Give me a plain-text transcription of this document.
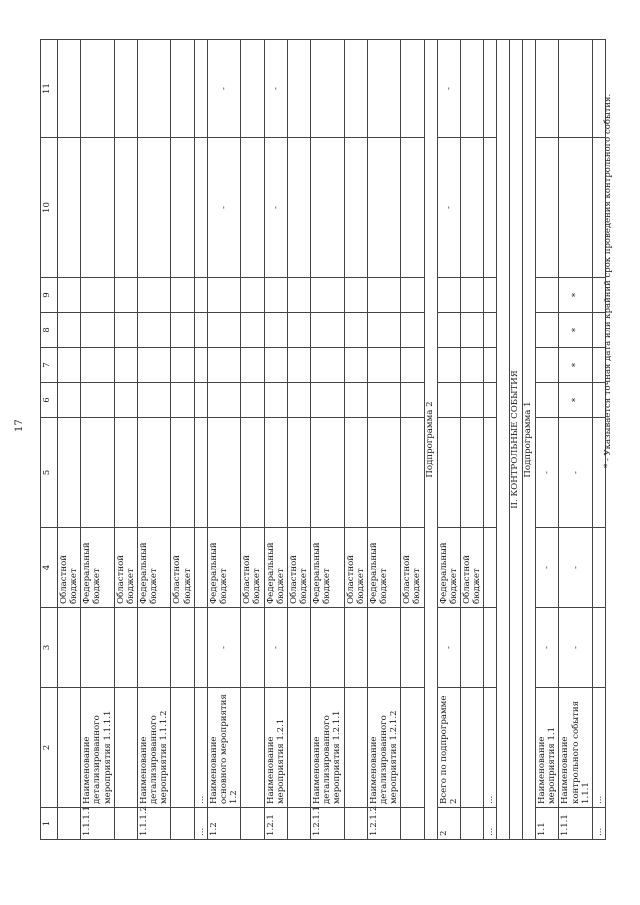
17
1	2	3	4	5	6	7	8	9	10	11
			Областной бюджет							
1.1.1.1	Наименование детализированного мероприятия 1.1.1.1		Федеральный бюджет							
			Областной бюджет							
1.1.1.2	Наименование детализированного мероприятия 1.1.1.2		Федеральный бюджет							
			Областной бюджет							
...	...									
1.2	Наименование основного мероприятия 1.2	-	Федеральный бюджет						-	-
			Областной бюджет							
1.2.1	Наименование мероприятия 1.2.1	-	Федеральный бюджет						-	-
			Областной бюджет							
1.2.1.1	Наименование детализированного мероприятия 1.2.1.1		Федеральный бюджет							
			Областной бюджет							
1.2.1.2	Наименование детализированного мероприятия 1.2.1.2		Федеральный бюджет							
			Областной бюджет							
Подпрограмма 2										
2	Всего по подпрограмме 2	-	Федеральный бюджет						-	-
			Областной бюджет							
...	...									

II. КОНТРОЛЬНЫЕ СОБЫТИЯ										
Подпрограмма 1										
1.1	Наименование мероприятия 1.1	-	-	-						
1.1.1	Наименование контрольного события 1.1.1	-	-	-	*	*	*	*		
...	...									
* - Указывается точная дата или крайний срок проведения контрольного события.
